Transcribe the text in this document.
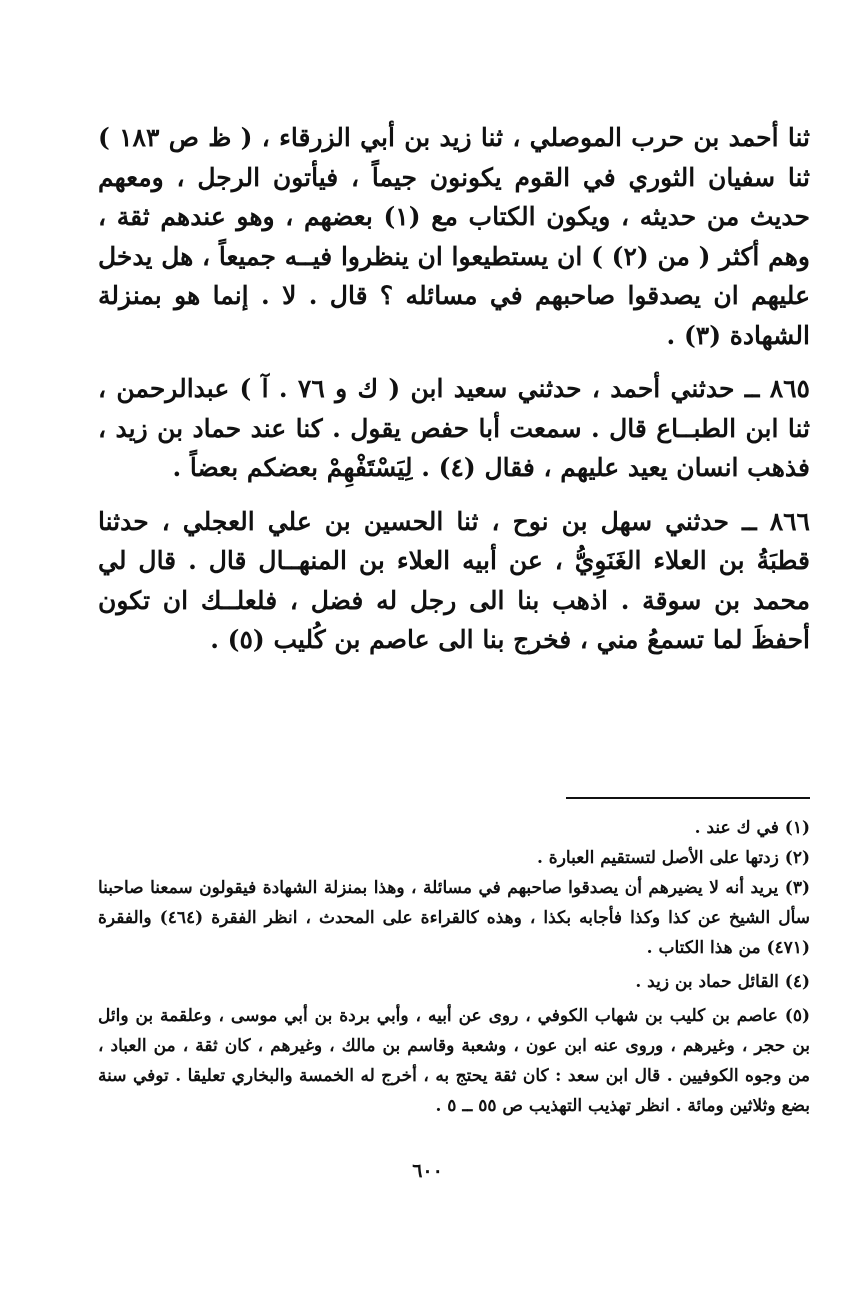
ثنا أحمد بن حرب الموصلي ، ثنا زيد بن أبي الزرقاء ، ( ظ ص ١٨٣ ) ثنا سفيان الثوري في القوم يكونون جيماً ، فيأتون الرجل ، ومعهم حديث من حديثه ، ويكون الكتاب مع (١) بعضهم ، وهو عندهم ثقة ، وهم أكثر ( من (٢) ) ان يستطيعوا ان ينظروا فيــه جميعاً ، هل يدخل عليهم ان يصدقوا صاحبهم في مسائله ؟ قال . لا . إنما هو بمنزلة الشهادة (٣) .

٨٦٥ ــ حدثني أحمد ، حدثني سعيد ابن ( ك و ٧٦ . آ ) عبدالرحمن ، ثنا ابن الطبــاع قال . سمعت أبا حفص يقول . كنا عند حماد بن زيد ، فذهب انسان يعيد عليهم ، فقال (٤) . لِيَسْتَفْهِمْ بعضكم بعضاً .

٨٦٦ ــ حدثني سهل بن نوح ، ثنا الحسين بن علي العجلي ، حدثنا قطبَةُ بن العلاء الغَنَوِيُّ ، عن أبيه العلاء بن المنهــال قال . قال لي محمد بن سوقة . اذهب بنا الى رجل له فضل ، فلعلــك ان تكون أحفظَ لما تسمعُ مني ، فخرج بنا الى عاصم بن كُليب (٥) .

(١) في ك عند .

(٢) زدتها على الأصل لتستقيم العبارة .

(٣) يريد أنه لا يضيرهم أن يصدقوا صاحبهم في مسائلة ، وهذا بمنزلة الشهادة فيقولون سمعنا صاحبنا سأل الشيخ عن كذا وكذا فأجابه بكذا ، وهذه كالقراءة على المحدث ، انظر الفقرة (٤٦٤) والفقرة (٤٧١) من هذا الكتاب .

(٤) القائل حماد بن زيد .

(٥) عاصم بن كليب بن شهاب الكوفي ، روى عن أبيه ، وأبي بردة بن أبي موسى ، وعلقمة بن وائل بن حجر ، وغيرهم ، وروى عنه ابن عون ، وشعبة وقاسم بن مالك ، وغيرهم ، كان ثقة ، من العباد ، من وجوه الكوفيين . قال ابن سعد : كان ثقة يحتج به ، أخرج له الخمسة والبخاري تعليقا . توفي سنة بضع وثلاثين ومائة . انظر تهذيب التهذيب ص ٥٥ ــ ٥ .

٦٠٠
